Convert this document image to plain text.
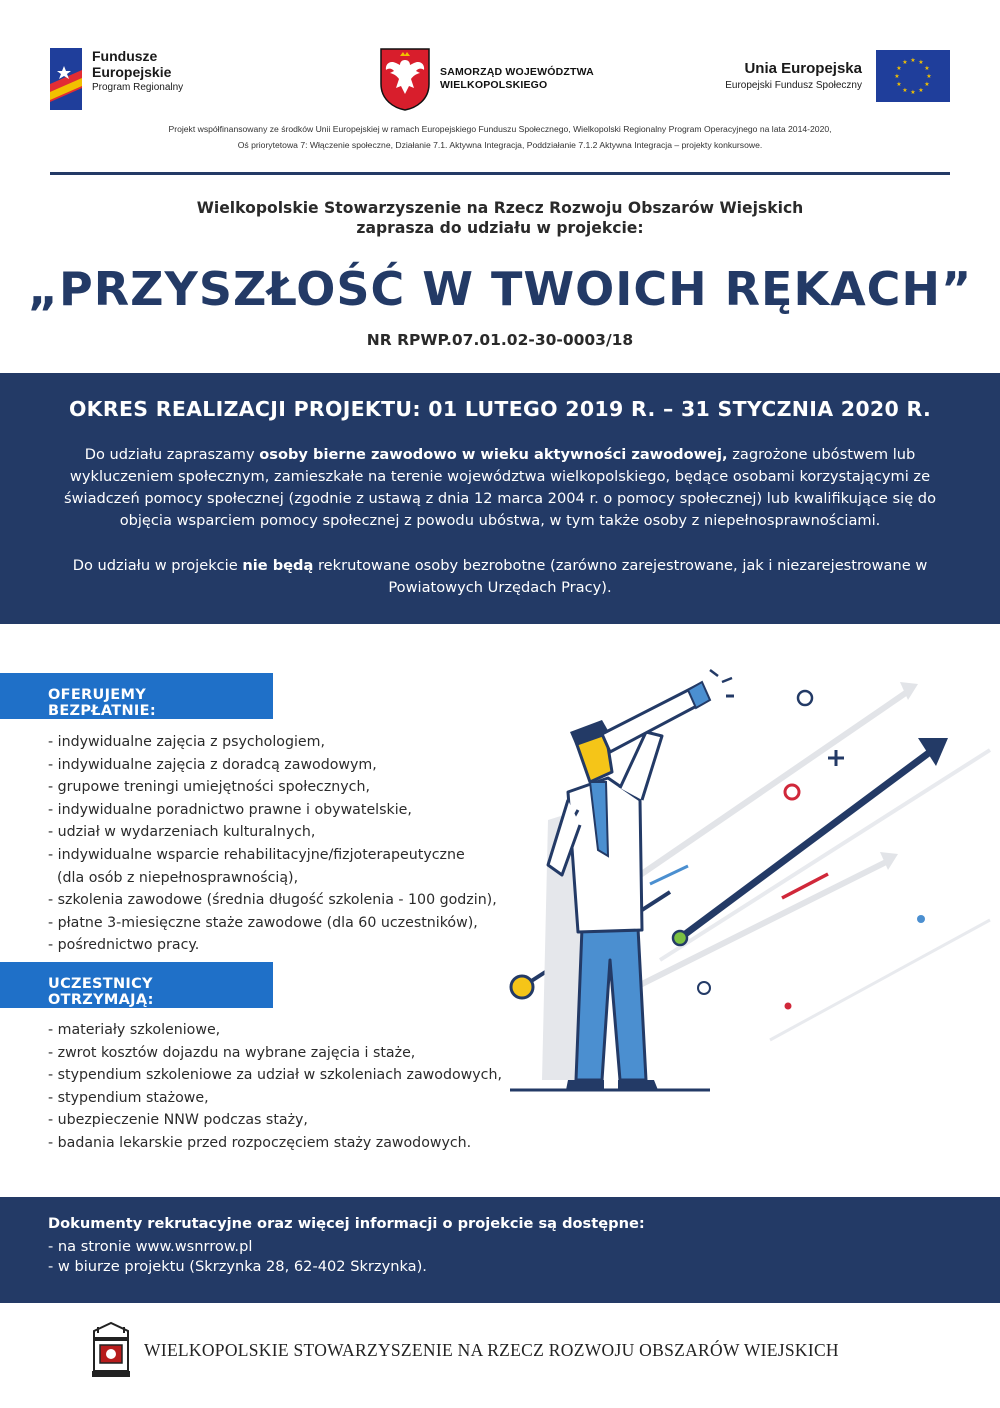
Fundusze
Europejskie
Program Regionalny
SAMORZĄD WOJEWÓDZTWA
WIELKOPOLSKIEGO
Unia Europejska
Europejski Fundusz Społeczny
★ ★
★
★
★
★
★
★
★
★
★
★
Projekt współfinansowany ze środków Unii Europejskiej w ramach Europejskiego Funduszu Społecznego, Wielkopolski Regionalny Program Operacyjnego na lata 2014-2020,
Oś priorytetowa 7: Włączenie społeczne, Działanie 7.1. Aktywna Integracja, Poddziałanie 7.1.2 Aktywna Integracja – projekty konkursowe.
Wielkopolskie Stowarzyszenie na Rzecz Rozwoju Obszarów Wiejskich
zaprasza do udziału w projekcie:
„PRZYSZŁOŚĆ W TWOICH RĘKACH”
NR RPWP.07.01.02-30-0003/18
OKRES REALIZACJI PROJEKTU: 01 LUTEGO 2019 R. – 31 STYCZNIA 2020 R.
Do udziału zapraszamy osoby bierne zawodowo w wieku aktywności zawodowej, zagrożone ubóstwem lub wykluczeniem społecznym, zamieszkałe na terenie województwa wielkopolskiego, będące osobami korzystającymi ze świadczeń pomocy społecznej (zgodnie z ustawą z dnia 12 marca 2004 r. o pomocy społecznej) lub kwalifikujące się do objęcia wsparciem pomocy społecznej z powodu ubóstwa, w tym także osoby z niepełnosprawnościami.
Do udziału w projekcie nie będą rekrutowane osoby bezrobotne (zarówno zarejestrowane, jak i niezarejestrowane w Powiatowych Urzędach Pracy).
OFERUJEMY BEZPŁATNIE:
- indywidualne zajęcia z psychologiem,
- indywidualne zajęcia z doradcą zawodowym,
- grupowe treningi umiejętności społecznych,
- indywidualne poradnictwo prawne i obywatelskie,
- udział w wydarzeniach kulturalnych,
- indywidualne wsparcie rehabilitacyjne/fizjoterapeutyczne
(dla osób z niepełnosprawnością),
- szkolenia zawodowe (średnia długość szkolenia - 100 godzin),
- płatne 3-miesięczne staże zawodowe (dla 60 uczestników),
- pośrednictwo pracy.
UCZESTNICY OTRZYMAJĄ:
- materiały szkoleniowe,
- zwrot kosztów dojazdu na wybrane zajęcia i staże,
- stypendium szkoleniowe za udział w szkoleniach zawodowych,
- stypendium stażowe,
- ubezpieczenie NNW podczas staży,
- badania lekarskie przed rozpoczęciem staży zawodowych.
Dokumenty rekrutacyjne oraz więcej informacji o projekcie są dostępne:
- na stronie www.wsnrrow.pl
- w biurze projektu (Skrzynka 28, 62-402 Skrzynka).
WIELKOPOLSKIE STOWARZYSZENIE NA RZECZ ROZWOJU OBSZARÓW WIEJSKICH
